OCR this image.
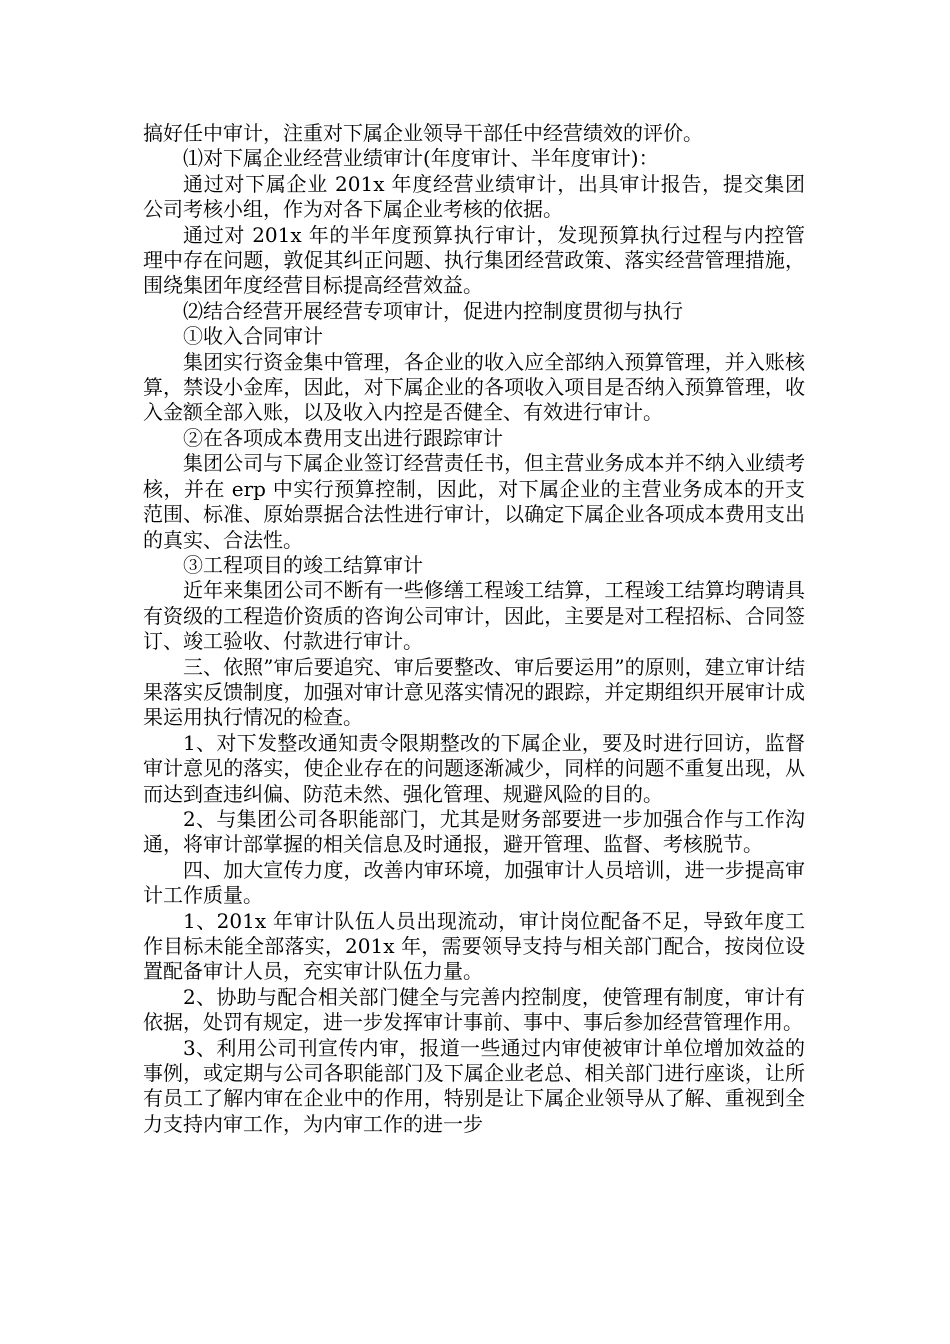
搞好任中审计，注重对下属企业领导干部任中经营绩效的评价。

⑴对下属企业经营业绩审计(年度审计、半年度审计)：

通过对下属企业 201x 年度经营业绩审计，出具审计报告，提交集团公司考核小组，作为对各下属企业考核的依据。

通过对 201x 年的半年度预算执行审计，发现预算执行过程与内控管理中存在问题，敦促其纠正问题、执行集团经营政策、落实经营管理措施，围绕集团年度经营目标提高经营效益。

⑵结合经营开展经营专项审计，促进内控制度贯彻与执行

①收入合同审计

集团实行资金集中管理，各企业的收入应全部纳入预算管理，并入账核算，禁设小金库，因此，对下属企业的各项收入项目是否纳入预算管理，收入金额全部入账，以及收入内控是否健全、有效进行审计。

②在各项成本费用支出进行跟踪审计

集团公司与下属企业签订经营责任书，但主营业务成本并不纳入业绩考核，并在 erp 中实行预算控制，因此，对下属企业的主营业务成本的开支范围、标准、原始票据合法性进行审计，以确定下属企业各项成本费用支出的真实、合法性。

③工程项目的竣工结算审计

近年来集团公司不断有一些修缮工程竣工结算，工程竣工结算均聘请具有资级的工程造价资质的咨询公司审计，因此，主要是对工程招标、合同签订、竣工验收、付款进行审计。

三、依照”审后要追究、审后要整改、审后要运用”的原则，建立审计结果落实反馈制度，加强对审计意见落实情况的跟踪，并定期组织开展审计成果运用执行情况的检查。

1、对下发整改通知责令限期整改的下属企业，要及时进行回访，监督审计意见的落实，使企业存在的问题逐渐减少，同样的问题不重复出现，从而达到查违纠偏、防范未然、强化管理、规避风险的目的。

2、与集团公司各职能部门，尤其是财务部要进一步加强合作与工作沟通，将审计部掌握的相关信息及时通报，避开管理、监督、考核脱节。

四、加大宣传力度，改善内审环境，加强审计人员培训，进一步提高审计工作质量。

1、201x 年审计队伍人员出现流动，审计岗位配备不足，导致年度工作目标未能全部落实，201x 年，需要领导支持与相关部门配合，按岗位设置配备审计人员，充实审计队伍力量。

2、协助与配合相关部门健全与完善内控制度，使管理有制度，审计有依据，处罚有规定，进一步发挥审计事前、事中、事后参加经营管理作用。

3、利用公司刊宣传内审，报道一些通过内审使被审计单位增加效益的事例，或定期与公司各职能部门及下属企业老总、相关部门进行座谈，让所有员工了解内审在企业中的作用，特别是让下属企业领导从了解、重视到全力支持内审工作，为内审工作的进一步
